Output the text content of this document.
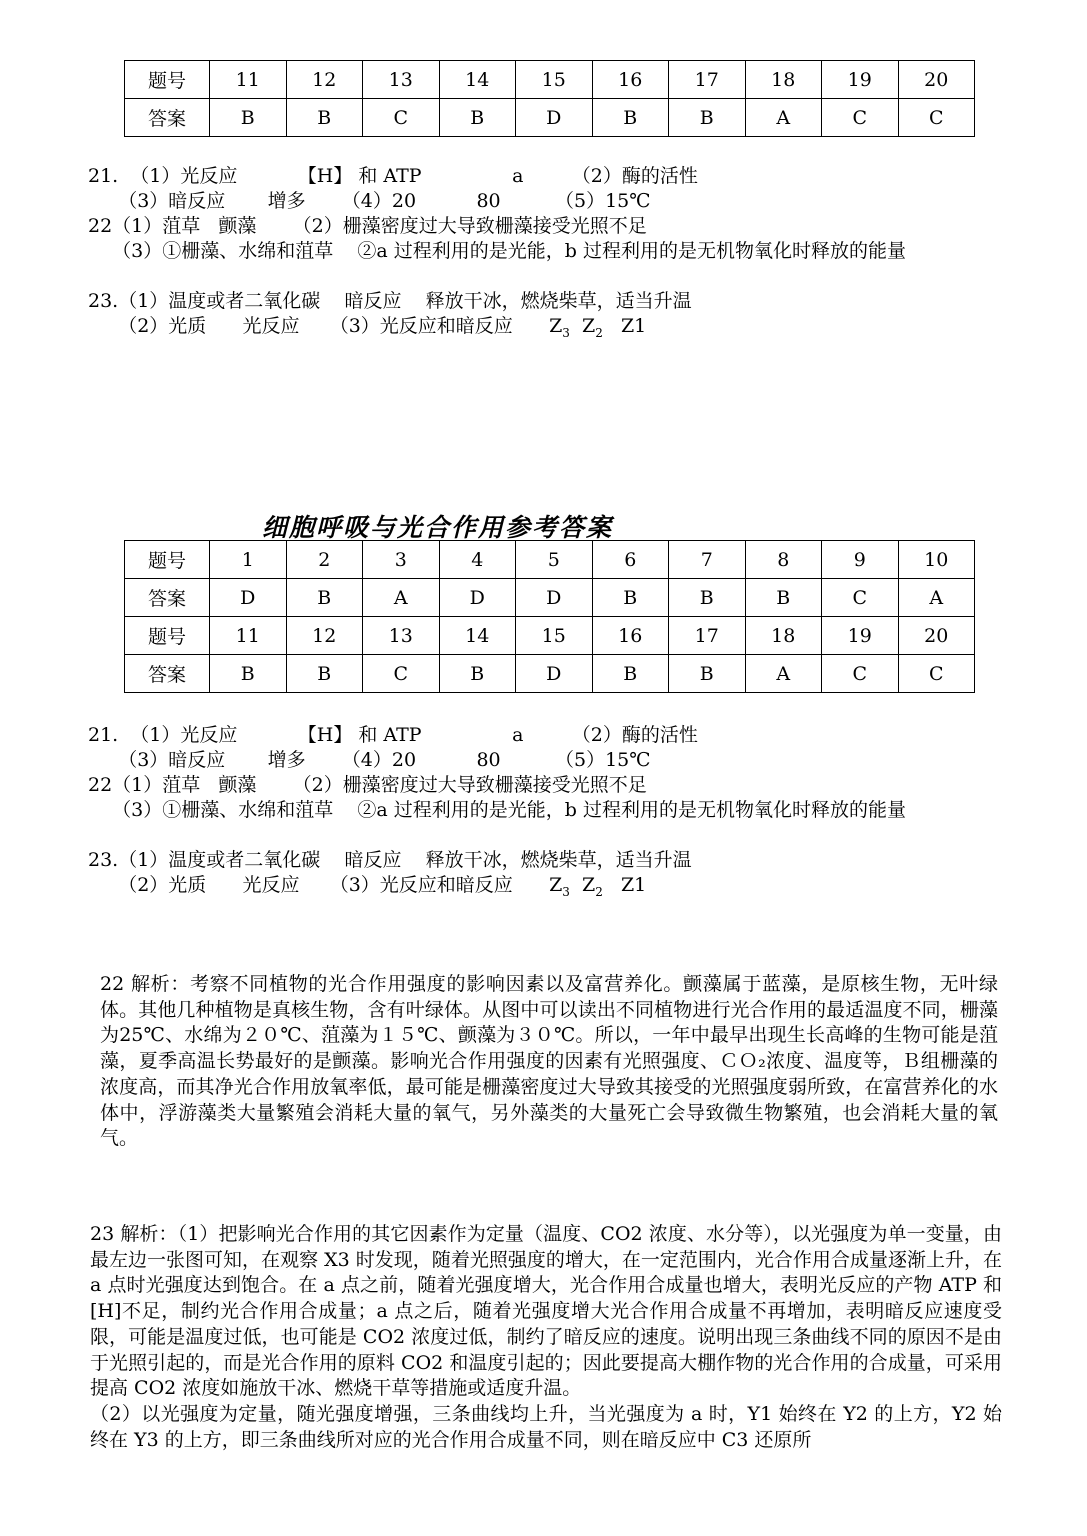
题号	11	12	13	14	15	16	17	18	19	20
答案	B	B	C	B	D	B	B	A	C	C
21.  （1）光反应          【H】 和 ATP               a        （2）酶的活性
（3）暗反应       增多      （4）20          80         （5）15℃
22（1）菹草   颤藻      （2）栅藻密度过大导致栅藻接受光照不足
（3）①栅藻、水绵和菹草    ②a 过程利用的是光能，b 过程利用的是无机物氧化时释放的能量
23.（1）温度或者二氧化碳    暗反应    释放干冰，燃烧柴草，适当升温
（2）光质      光反应     （3）光反应和暗反应      $Z_3$ $Z_2$ Z1
细胞呼吸与光合作用参考答案
题号	1	2	3	4	5	6	7	8	9	10
答案	D	B	A	D	D	B	B	B	C	A
题号	11	12	13	14	15	16	17	18	19	20
答案	B	B	C	B	D	B	B	A	C	C
21.  （1）光反应          【H】 和 ATP               a        （2）酶的活性
（3）暗反应       增多      （4）20          80         （5）15℃
22（1）菹草   颤藻      （2）栅藻密度过大导致栅藻接受光照不足
（3）①栅藻、水绵和菹草    ②a 过程利用的是光能，b 过程利用的是无机物氧化时释放的能量
23.（1）温度或者二氧化碳    暗反应    释放干冰，燃烧柴草，适当升温
（2）光质      光反应     （3）光反应和暗反应      $Z_3$ $Z_2$ Z1

22 解析：考察不同植物的光合作用强度的影响因素以及富营养化。颤藻属于蓝藻，是原核生物，无叶绿体。其他几种植物是真核生物，含有叶绿体。从图中可以读出不同植物进行光合作用的最适温度不同，栅藻为25℃、水绵为２０℃、菹藻为１５℃、颤藻为３０℃。所以，一年中最早出现生长高峰的生物可能是菹藻，夏季高温长势最好的是颤藻。影响光合作用强度的因素有光照强度、ＣＯ₂浓度、温度等，Ｂ组栅藻的浓度高，而其净光合作用放氧率低，最可能是栅藻密度过大导致其接受的光照强度弱所致，在富营养化的水体中，浮游藻类大量繁殖会消耗大量的氧气，另外藻类的大量死亡会导致微生物繁殖，也会消耗大量的氧气。

23 解析：（1）把影响光合作用的其它因素作为定量（温度、CO2 浓度、水分等），以光强度为单一变量，由最左边一张图可知，在观察 X3 时发现，随着光照强度的增大，在一定范围内，光合作用合成量逐渐上升，在 a 点时光强度达到饱合。在 a 点之前，随着光强度增大，光合作用合成量也增大，表明光反应的产物 ATP 和[H]不足，制约光合作用合成量；a 点之后，随着光强度增大光合作用合成量不再增加，表明暗反应速度受限，可能是温度过低，也可能是 CO2 浓度过低，制约了暗反应的速度。说明出现三条曲线不同的原因不是由于光照引起的，而是光合作用的原料 CO2 和温度引起的；因此要提高大棚作物的光合作用的合成量，可采用提高 CO2 浓度如施放干冰、燃烧干草等措施或适度升温。

（2）以光强度为定量，随光强度增强，三条曲线均上升，当光强度为 a 时，Y1 始终在 Y2 的上方，Y2 始终在 Y3 的上方，即三条曲线所对应的光合作用合成量不同，则在暗反应中 C3 还原所
